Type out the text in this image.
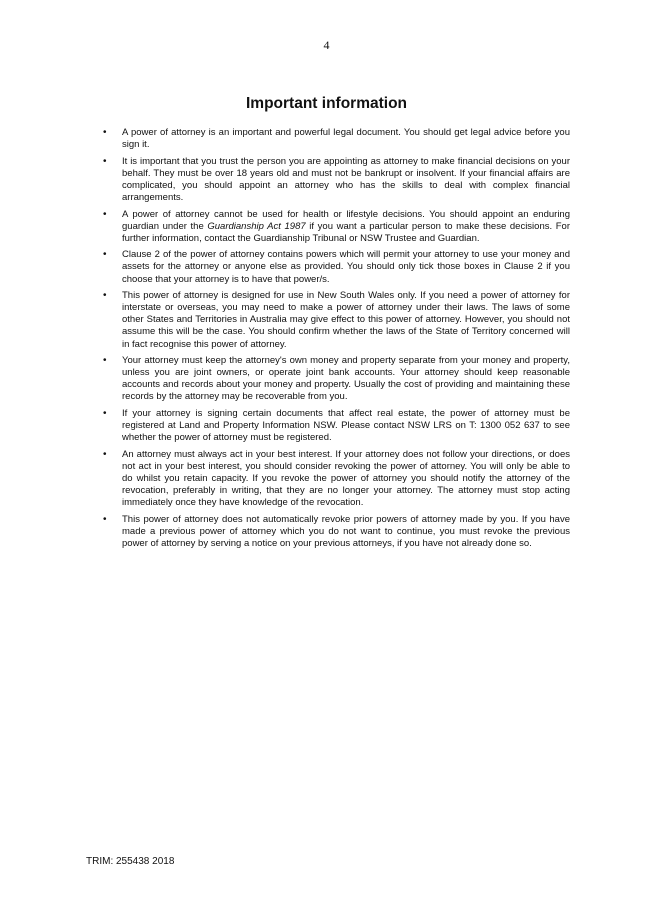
4
Important information
• A power of attorney is an important and powerful legal document. You should get legal advice before you sign it.
• It is important that you trust the person you are appointing as attorney to make financial decisions on your behalf. They must be over 18 years old and must not be bankrupt or insolvent. If your financial affairs are complicated, you should appoint an attorney who has the skills to deal with complex financial arrangements.
• A power of attorney cannot be used for health or lifestyle decisions. You should appoint an enduring guardian under the Guardianship Act 1987 if you want a particular person to make these decisions. For further information, contact the Guardianship Tribunal or NSW Trustee and Guardian.
• Clause 2 of the power of attorney contains powers which will permit your attorney to use your money and assets for the attorney or anyone else as provided. You should only tick those boxes in Clause 2 if you choose that your attorney is to have that power/s.
• This power of attorney is designed for use in New South Wales only. If you need a power of attorney for interstate or overseas, you may need to make a power of attorney under their laws. The laws of some other States and Territories in Australia may give effect to this power of attorney. However, you should not assume this will be the case. You should confirm whether the laws of the State of Territory concerned will in fact recognise this power of attorney.
• Your attorney must keep the attorney's own money and property separate from your money and property, unless you are joint owners, or operate joint bank accounts. Your attorney should keep reasonable accounts and records about your money and property. Usually the cost of providing and maintaining these records by the attorney may be recoverable from you.
• If your attorney is signing certain documents that affect real estate, the power of attorney must be registered at Land and Property Information NSW. Please contact NSW LRS on T: 1300 052 637 to see whether the power of attorney must be registered.
• An attorney must always act in your best interest. If your attorney does not follow your directions, or does not act in your best interest, you should consider revoking the power of attorney. You will only be able to do whilst you retain capacity. If you revoke the power of attorney you should notify the attorney of the revocation, preferably in writing, that they are no longer your attorney. The attorney must stop acting immediately once they have knowledge of the revocation.
• This power of attorney does not automatically revoke prior powers of attorney made by you. If you have made a previous power of attorney which you do not want to continue, you must revoke the previous power of attorney by serving a notice on your previous attorneys, if you have not already done so.
TRIM: 255438 2018
